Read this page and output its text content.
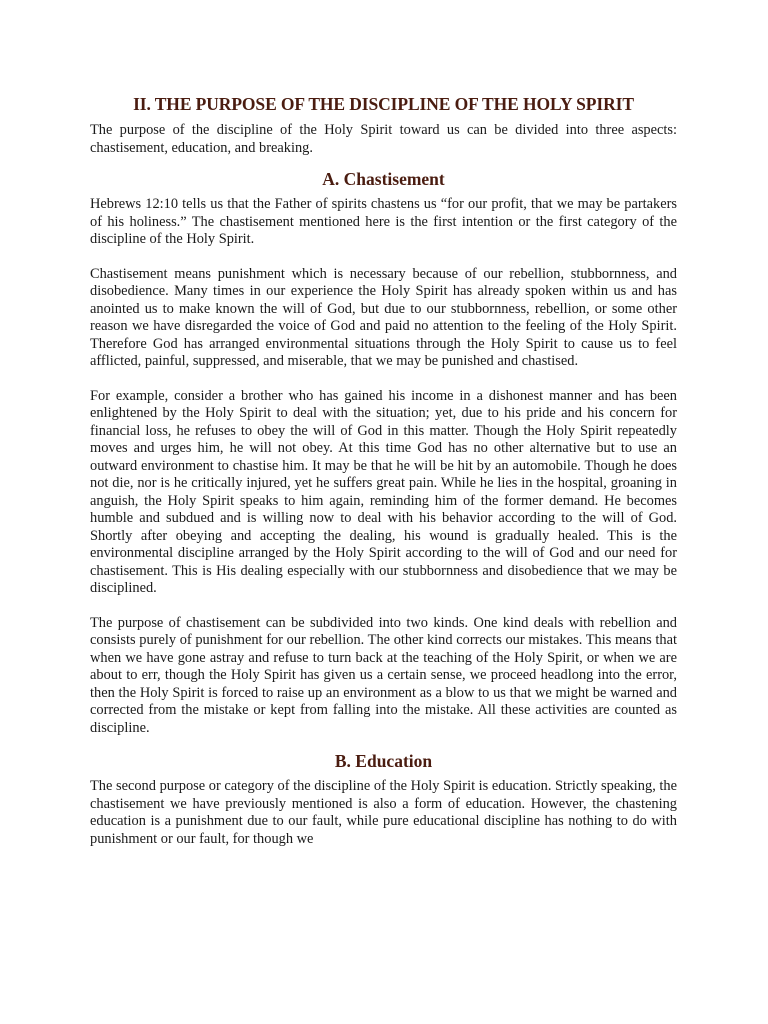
II. THE PURPOSE OF THE DISCIPLINE OF THE HOLY SPIRIT

The purpose of the discipline of the Holy Spirit toward us can be divided into three aspects: chastisement, education, and breaking.

A. Chastisement

Hebrews 12:10 tells us that the Father of spirits chastens us “for our profit, that we may be partakers of his holiness.” The chastisement mentioned here is the first intention or the first category of the discipline of the Holy Spirit.

Chastisement means punishment which is necessary because of our rebellion, stubbornness, and disobedience. Many times in our experience the Holy Spirit has already spoken within us and has anointed us to make known the will of God, but due to our stubbornness, rebellion, or some other reason we have disregarded the voice of God and paid no attention to the feeling of the Holy Spirit. Therefore God has arranged environmental situations through the Holy Spirit to cause us to feel afflicted, painful, suppressed, and miserable, that we may be punished and chastised.

For example, consider a brother who has gained his income in a dishonest manner and has been enlightened by the Holy Spirit to deal with the situation; yet, due to his pride and his concern for financial loss, he refuses to obey the will of God in this matter. Though the Holy Spirit repeatedly moves and urges him, he will not obey. At this time God has no other alternative but to use an outward environment to chastise him. It may be that he will be hit by an automobile. Though he does not die, nor is he critically injured, yet he suffers great pain. While he lies in the hospital, groaning in anguish, the Holy Spirit speaks to him again, reminding him of the former demand. He becomes humble and subdued and is willing now to deal with his behavior according to the will of God. Shortly after obeying and accepting the dealing, his wound is gradually healed. This is the environmental discipline arranged by the Holy Spirit according to the will of God and our need for chastisement. This is His dealing especially with our stubbornness and disobedience that we may be disciplined.

The purpose of chastisement can be subdivided into two kinds. One kind deals with rebellion and consists purely of punishment for our rebellion. The other kind corrects our mistakes. This means that when we have gone astray and refuse to turn back at the teaching of the Holy Spirit, or when we are about to err, though the Holy Spirit has given us a certain sense, we proceed headlong into the error, then the Holy Spirit is forced to raise up an environment as a blow to us that we might be warned and corrected from the mistake or kept from falling into the mistake. All these activities are counted as discipline.

B. Education

The second purpose or category of the discipline of the Holy Spirit is education. Strictly speaking, the chastisement we have previously mentioned is also a form of education. However, the chastening education is a punishment due to our fault, while pure educational discipline has nothing to do with punishment or our fault, for though we
